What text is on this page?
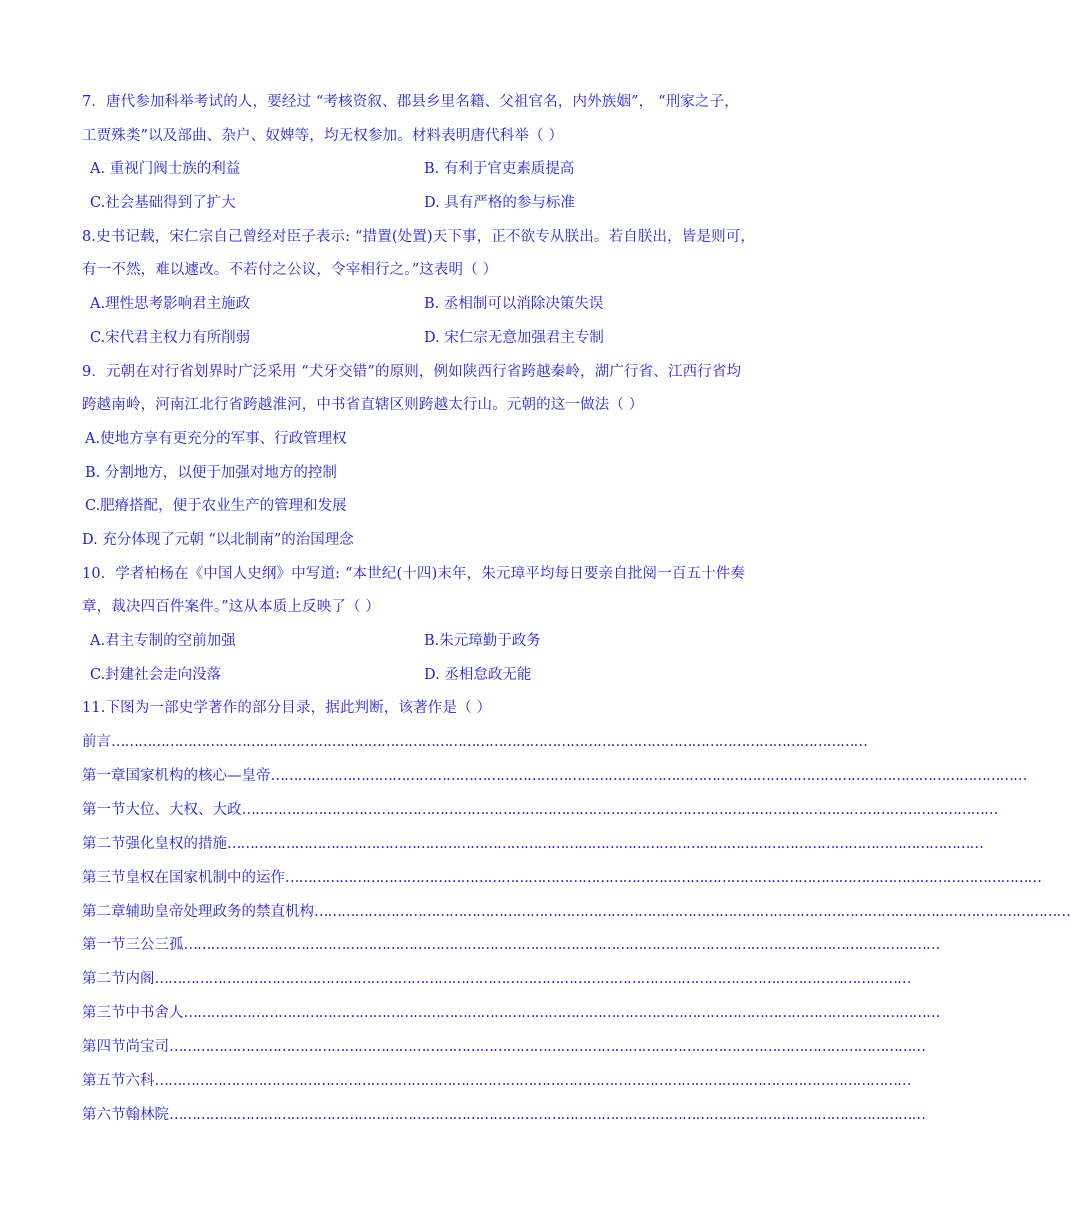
7．唐代参加科举考试的人，要经过 “考核资叙、郡县乡里名籍、父祖官名，内外族姻”， “刑家之子，
工贾殊类”以及部曲、杂户、奴婢等，均无权参加。材料表明唐代科举（ ）
A. 重视门阀士族的利益	B. 有利于官吏素质提高
C.社会基础得到了扩大	D. 具有严格的参与标准
8.史书记载，宋仁宗自己曾经对臣子表示: “措置(处置)天下事，正不欲专从朕出。若自朕出，皆是则可，
有一不然，难以遽改。不若付之公议，令宰相行之。”这表明（ ）
A.理性思考影响君主施政	B. 丞相制可以消除决策失误
C.宋代君主权力有所削弱	D. 宋仁宗无意加强君主专制
9．元朝在对行省划界时广泛采用 “犬牙交错”的原则，例如陕西行省跨越秦岭，湖广行省、江西行省均
跨越南岭，河南江北行省跨越淮河，中书省直辖区则跨越太行山。元朝的这一做法（ ）
A.使地方享有更充分的军事、行政管理权
B. 分割地方，以便于加强对地方的控制
C.肥瘠搭配，便于农业生产的管理和发展
D. 充分体现了元朝 “以北制南”的治国理念
10．学者柏杨在《中国人史纲》中写道: “本世纪(十四)末年，朱元璋平均每日要亲自批阅一百五十件奏
章，裁决四百件案件。”这从本质上反映了（ ）
A.君主专制的空前加强	B.朱元璋勤于政务
C.封建社会走向没落	D. 丞相怠政无能
11.下图为一部史学著作的部分目录，据此判断，该著作是（ ）
前言 ……………………………………………………………………………………………………………………………………………………
第一章 国家机构的核心—皇帝 ……………………………………………………………………………………………………………………………………………………
第一节 大位、大权、大政 ……………………………………………………………………………………………………………………………………………………
第二节 强化皇权的措施 ……………………………………………………………………………………………………………………………………………………
第三节 皇权在国家机制中的运作 ……………………………………………………………………………………………………………………………………………………
第二章 辅助皇帝处理政务的禁直机构 ……………………………………………………………………………………………………………………………………………………
第一节 三公三孤 ……………………………………………………………………………………………………………………………………………………
第二节 内阁 ……………………………………………………………………………………………………………………………………………………
第三节 中书舍人 ……………………………………………………………………………………………………………………………………………………
第四节 尚宝司 ……………………………………………………………………………………………………………………………………………………
第五节 六科 ……………………………………………………………………………………………………………………………………………………
第六节 翰林院 ……………………………………………………………………………………………………………………………………………………
